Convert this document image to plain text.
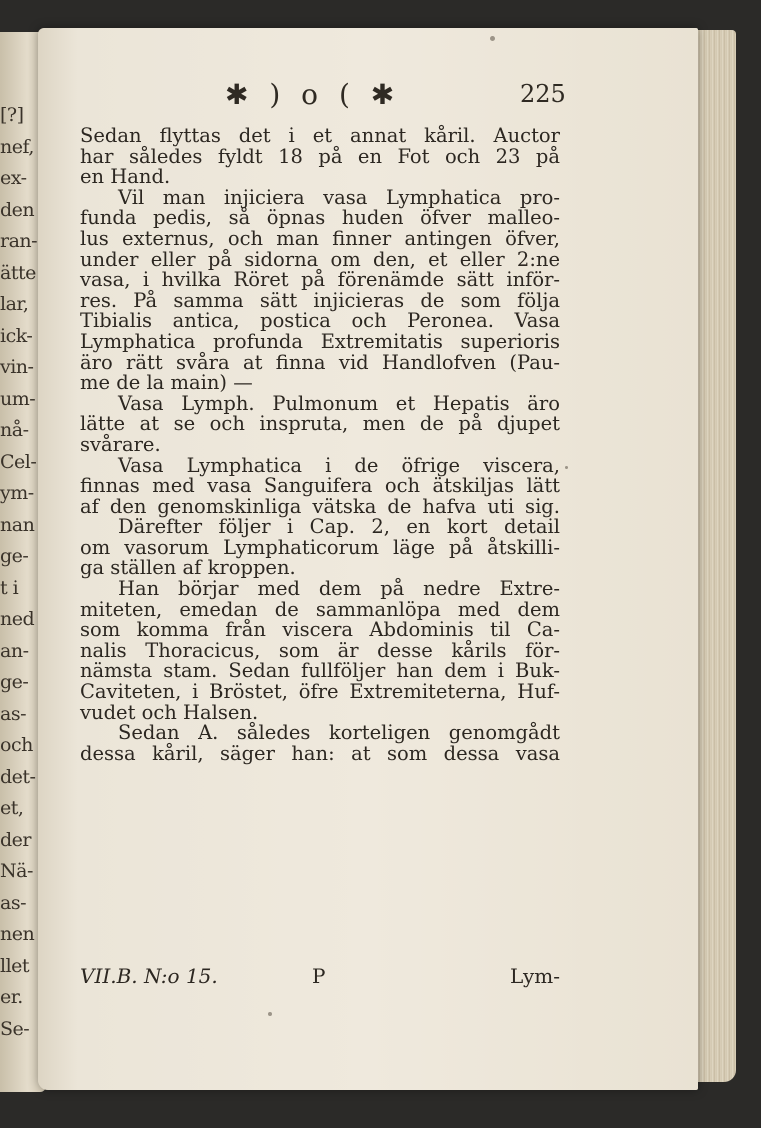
[?]
nef,
ex-
den
ran-
ätte
lar,
ick-
vin-
um-
nå-
Cel-
ym-
nan
ge-
t i
ned
an-
ge-
as-
och
det-
et,
der
Nä-
as-
nen
llet
er.
Se-
✱ ) o ( ✱	225
Sedan flyttas det i et annat kåril. Auctor
har således fyldt 18 på en Fot och 23 på
en Hand.
Vil man injiciera vasa Lymphatica pro-
funda pedis, så öpnas huden öfver malleo-
lus externus, och man finner antingen öfver,
under eller på sidorna om den, et eller 2:ne
vasa, i hvilka Röret på förenämde sätt inför-
res. På samma sätt injicieras de som följa
Tibialis antica, postica och Peronea. Vasa
Lymphatica profunda Extremitatis superioris
äro rätt svåra at finna vid Handlofven (Pau-
me de la main) —
Vasa Lymph. Pulmonum et Hepatis äro
lätte at se och inspruta, men de på djupet
svårare.
Vasa Lymphatica i de öfrige viscera,
finnas med vasa Sanguifera och ätskiljas lätt
af den genomskinliga vätska de hafva uti sig.
Därefter följer i Cap. 2, en kort detail
om vasorum Lymphaticorum läge på åtskilli-
ga ställen af kroppen.
Han börjar med dem på nedre Extre-
miteten, emedan de sammanlöpa med dem
som komma från viscera Abdominis til Ca-
nalis Thoracicus, som är desse kårils för-
nämsta stam. Sedan fullföljer han dem i Buk-
Caviteten, i Bröstet, öfre Extremiteterna, Huf-
vudet och Halsen.
Sedan A. således korteligen genomgådt
dessa kåril, säger han: at som dessa vasa
VII.B. N:o 15.	P	Lym-
